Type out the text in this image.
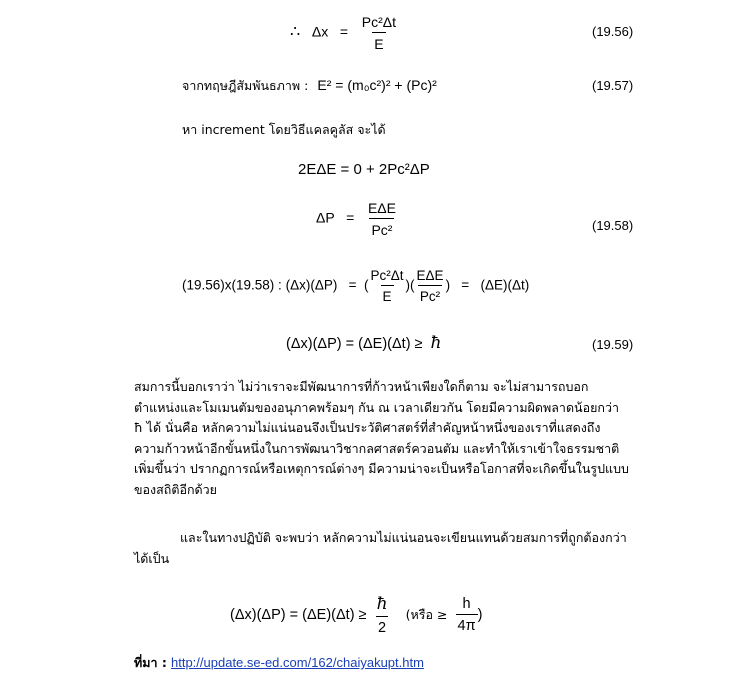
∴ $\Delta x = \frac{\text{Pc²Δt}}{E}$	(19.56)
จากทฤษฎีสัมพันธภาพ : E² = (m₀c²)² + (Pc)²	(19.57)
หา increment โดยวิธีแคลคูลัส จะได้
2EΔE = 0 + 2Pc²ΔP
$\Delta P = \frac{\text{EΔE}}{\text{Pc²}}$	(19.58)
(19.56)x(19.58) : (Δx)(ΔP)   =  ( $\frac{\text{Pc²Δt}}{E}$ )( $\frac{\text{EΔE}}{\text{Pc²}}$ )   =   (ΔE)(Δt)
(Δx)(ΔP) = (ΔE)(Δt) ≥ ħ	(19.59)
สมการนี้บอกเราว่า ไม่ว่าเราจะมีพัฒนาการที่ก้าวหน้าเพียงใดก็ตาม จะไม่สามารถบอก
ตำแหน่งและโมเมนตัมของอนุภาคพร้อมๆ กัน ณ เวลาเดียวกัน โดยมีความผิดพลาดน้อยกว่า
ħ ได้ นั่นคือ หลักความไม่แน่นอนจึงเป็นประวัติศาสตร์ที่สำคัญหน้าหนึ่งของเราที่แสดงถึง
ความก้าวหน้าอีกขั้นหนึ่งในการพัฒนาวิชากลศาสตร์ควอนตัม และทำให้เราเข้าใจธรรมชาติ
เพิ่มขึ้นว่า ปรากฏการณ์หรือเหตุการณ์ต่างๆ มีความน่าจะเป็นหรือโอกาสที่จะเกิดขึ้นในรูปแบบ
ของสถิติอีกด้วย
และในทางปฏิบัติ จะพบว่า หลักความไม่แน่นอนจะเขียนแทนด้วยสมการที่ถูกต้องกว่า
ได้เป็น
$(\Delta x)(\Delta P) = (\Delta E)(\Delta t) \ge \frac{ħ}{2}$ (หรือ ≥ $\frac{h}{4\pi}$ )
ที่มา : http://update.se-ed.com/162/chaiyakupt.htm
